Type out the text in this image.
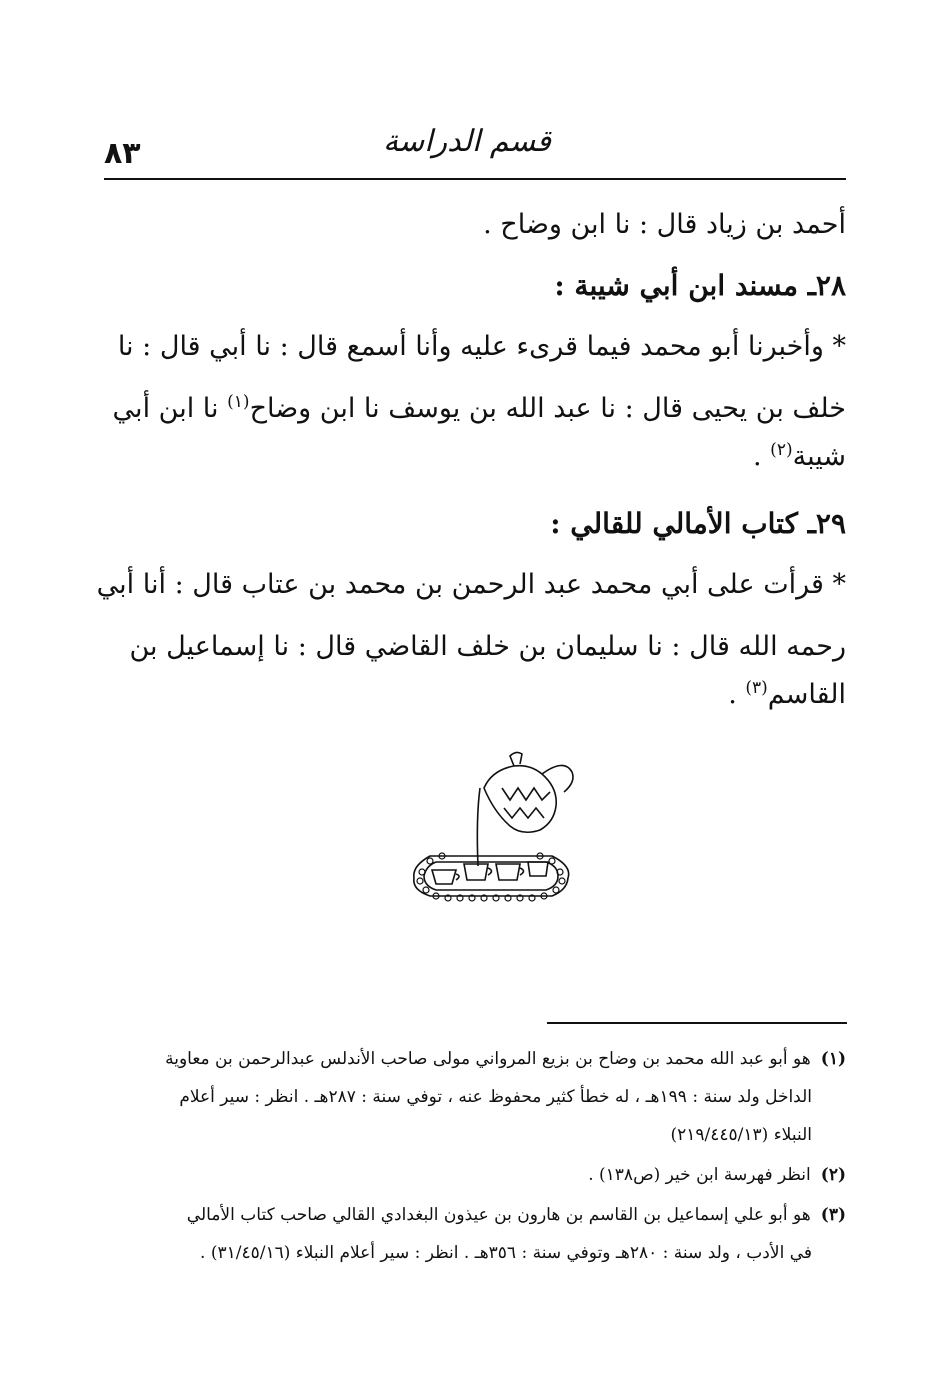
٨٣	قسم الدراسة
أحمد بن زياد قال : نا ابن وضاح .
٢٨ـ مسند ابن أبي شيبة :
* وأخبرنا أبو محمد فيما قرىء عليه وأنا أسمع قال : نا أبي قال : نا
خلف بن يحيى قال : نا عبد الله بن يوسف نا ابن وضاح$^{(١)}$ نا ابن أبي
شيبة$^{(٢)}$ .
٢٩ـ كتاب الأمالي للقالي :
* قرأت على أبي محمد عبد الرحمن بن محمد بن عتاب قال : أنا أبي
رحمه الله قال : نا سليمان بن خلف القاضي قال : نا إسماعيل بن
القاسم$^{(٣)}$ .
(١)هو أبو عبد الله محمد بن وضاح بن بزيع المرواني مولى صاحب الأندلس عبدالرحمن بن معاوية
الداخل ولد سنة : ١٩٩هـ ، له خطأ كثير محفوظ عنه ، توفي سنة : ٢٨٧هـ . انظر : سير أعلام
النبلاء (٢١٩/٤٤٥/١٣)
(٢)انظر فهرسة ابن خير (ص١٣٨) .
(٣)هو أبو علي إسماعيل بن القاسم بن هارون بن عيذون البغدادي القالي صاحب كتاب الأمالي
في الأدب ، ولد سنة : ٢٨٠هـ وتوفي سنة : ٣٥٦هـ . انظر : سير أعلام النبلاء (٣١/٤٥/١٦) .
